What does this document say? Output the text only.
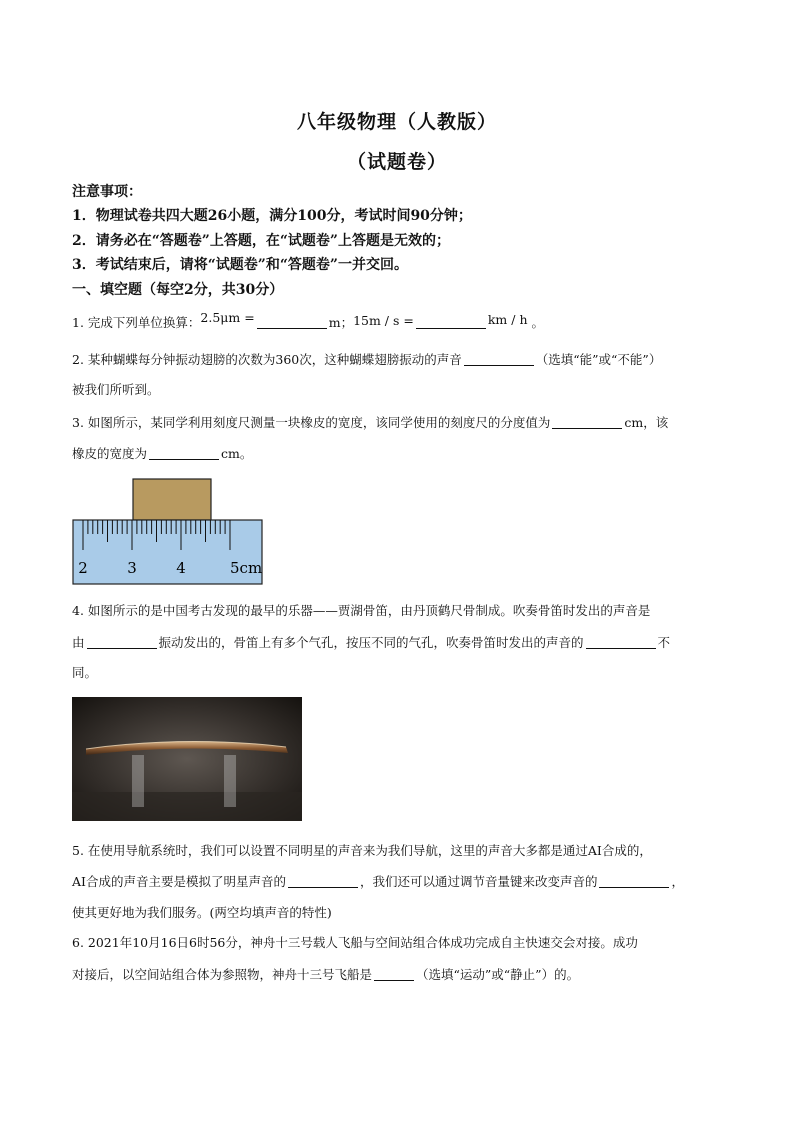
八年级物理（人教版）
（试题卷）
注意事项：
1．物理试卷共四大题26小题，满分100分，考试时间90分钟；
2．请务必在“答题卷”上答题，在“试题卷”上答题是无效的；
3．考试结束后，请将“试题卷”和“答题卷”一并交回。
一、填空题（每空2分，共30分）
1. 完成下列单位换算：2.5μm =	m；15m / s =	km / h 。
2. 某种蝴蝶每分钟振动翅膀的次数为360次，这种蝴蝶翅膀振动的声音	（选填“能”或“不能”）
被我们所听到。
3. 如图所示，某同学利用刻度尺测量一块橡皮的宽度，该同学使用的刻度尺的分度值为	cm，该
橡皮的宽度为	cm。
2	3	4	5cm
4. 如图所示的是中国考古发现的最早的乐器——贾湖骨笛，由丹顶鹤尺骨制成。吹奏骨笛时发出的声音是
由	振动发出的，骨笛上有多个气孔，按压不同的气孔，吹奏骨笛时发出的声音的	不
同。
5. 在使用导航系统时，我们可以设置不同明星的声音来为我们导航，这里的声音大多都是通过AI合成的，
AI合成的声音主要是模拟了明星声音的	，我们还可以通过调节音量键来改变声音的	，
使其更好地为我们服务。(两空均填声音的特性)
6. 2021年10月16日6时56分，神舟十三号载人飞船与空间站组合体成功完成自主快速交会对接。成功
对接后，以空间站组合体为参照物，神舟十三号飞船是	（选填“运动”或“静止”）的。
